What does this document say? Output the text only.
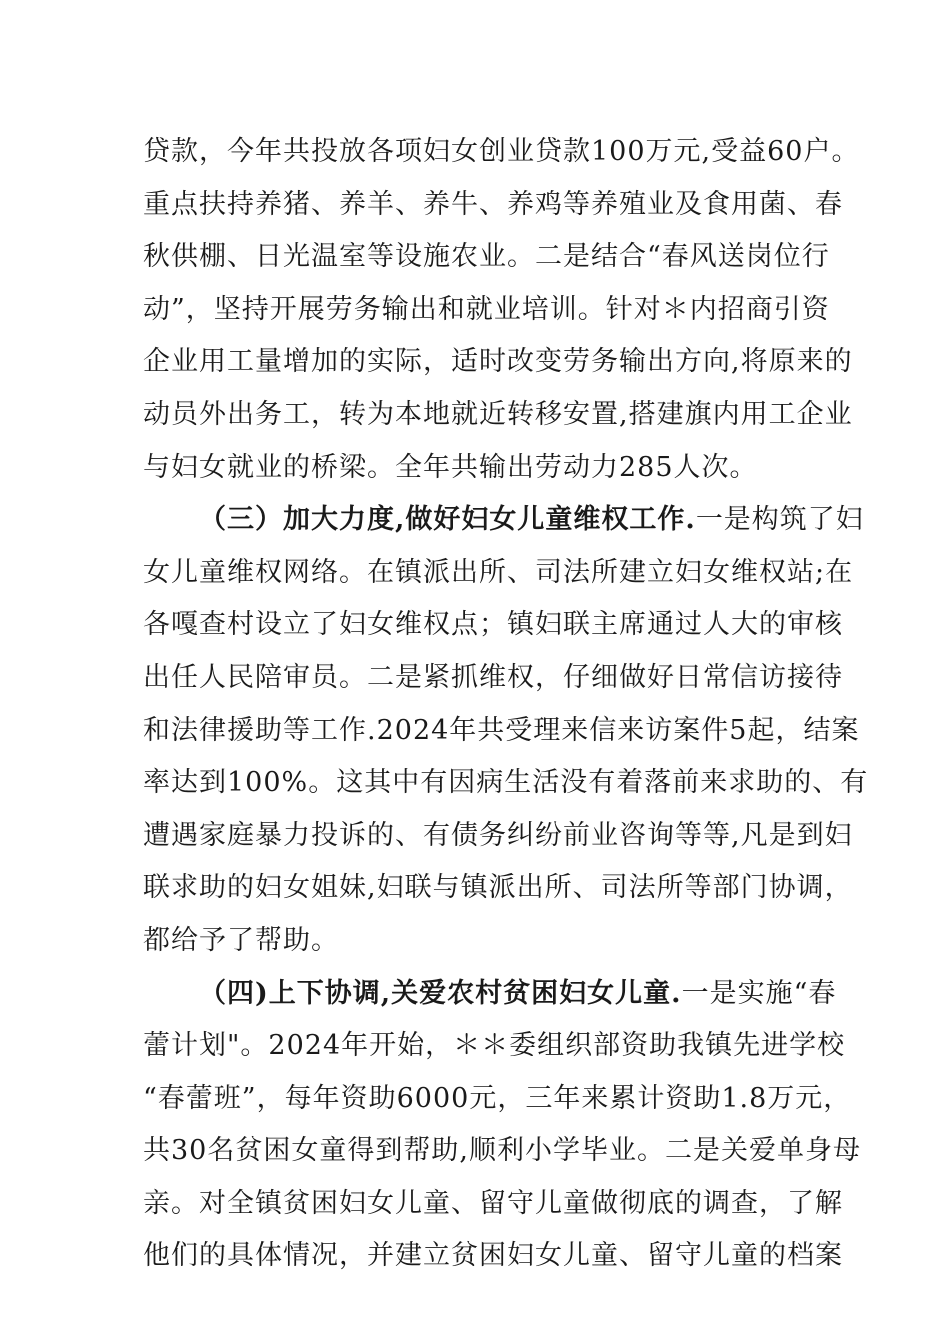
贷款，今年共投放各项妇女创业贷款100万元,受益60户。
重点扶持养猪、养羊、养牛、养鸡等养殖业及食用菌、春
秋供棚、日光温室等设施农业。二是结合“春风送岗位行
动”，坚持开展劳务输出和就业培训。针对＊内招商引资
企业用工量增加的实际，适时改变劳务输出方向,将原来的
动员外出务工，转为本地就近转移安置,搭建旗内用工企业
与妇女就业的桥梁。全年共输出劳动力285人次。
（三）加大力度,做好妇女儿童维权工作.一是构筑了妇
女儿童维权网络。在镇派出所、司法所建立妇女维权站;在
各嘎查村设立了妇女维权点；镇妇联主席通过人大的审核
出任人民陪审员。二是紧抓维权，仔细做好日常信访接待
和法律援助等工作.2024年共受理来信来访案件5起，结案
率达到100%。这其中有因病生活没有着落前来求助的、有
遭遇家庭暴力投诉的、有债务纠纷前业咨询等等,凡是到妇
联求助的妇女姐妹,妇联与镇派出所、司法所等部门协调，
都给予了帮助。
（四)上下协调,关爱农村贫困妇女儿童.一是实施“春
蕾计划"。2024年开始，＊＊委组织部资助我镇先进学校
“春蕾班”，每年资助6000元，三年来累计资助1.8万元，
共30名贫困女童得到帮助,顺利小学毕业。二是关爱单身母
亲。对全镇贫困妇女儿童、留守儿童做彻底的调查，了解
他们的具体情况，并建立贫困妇女儿童、留守儿童的档案
